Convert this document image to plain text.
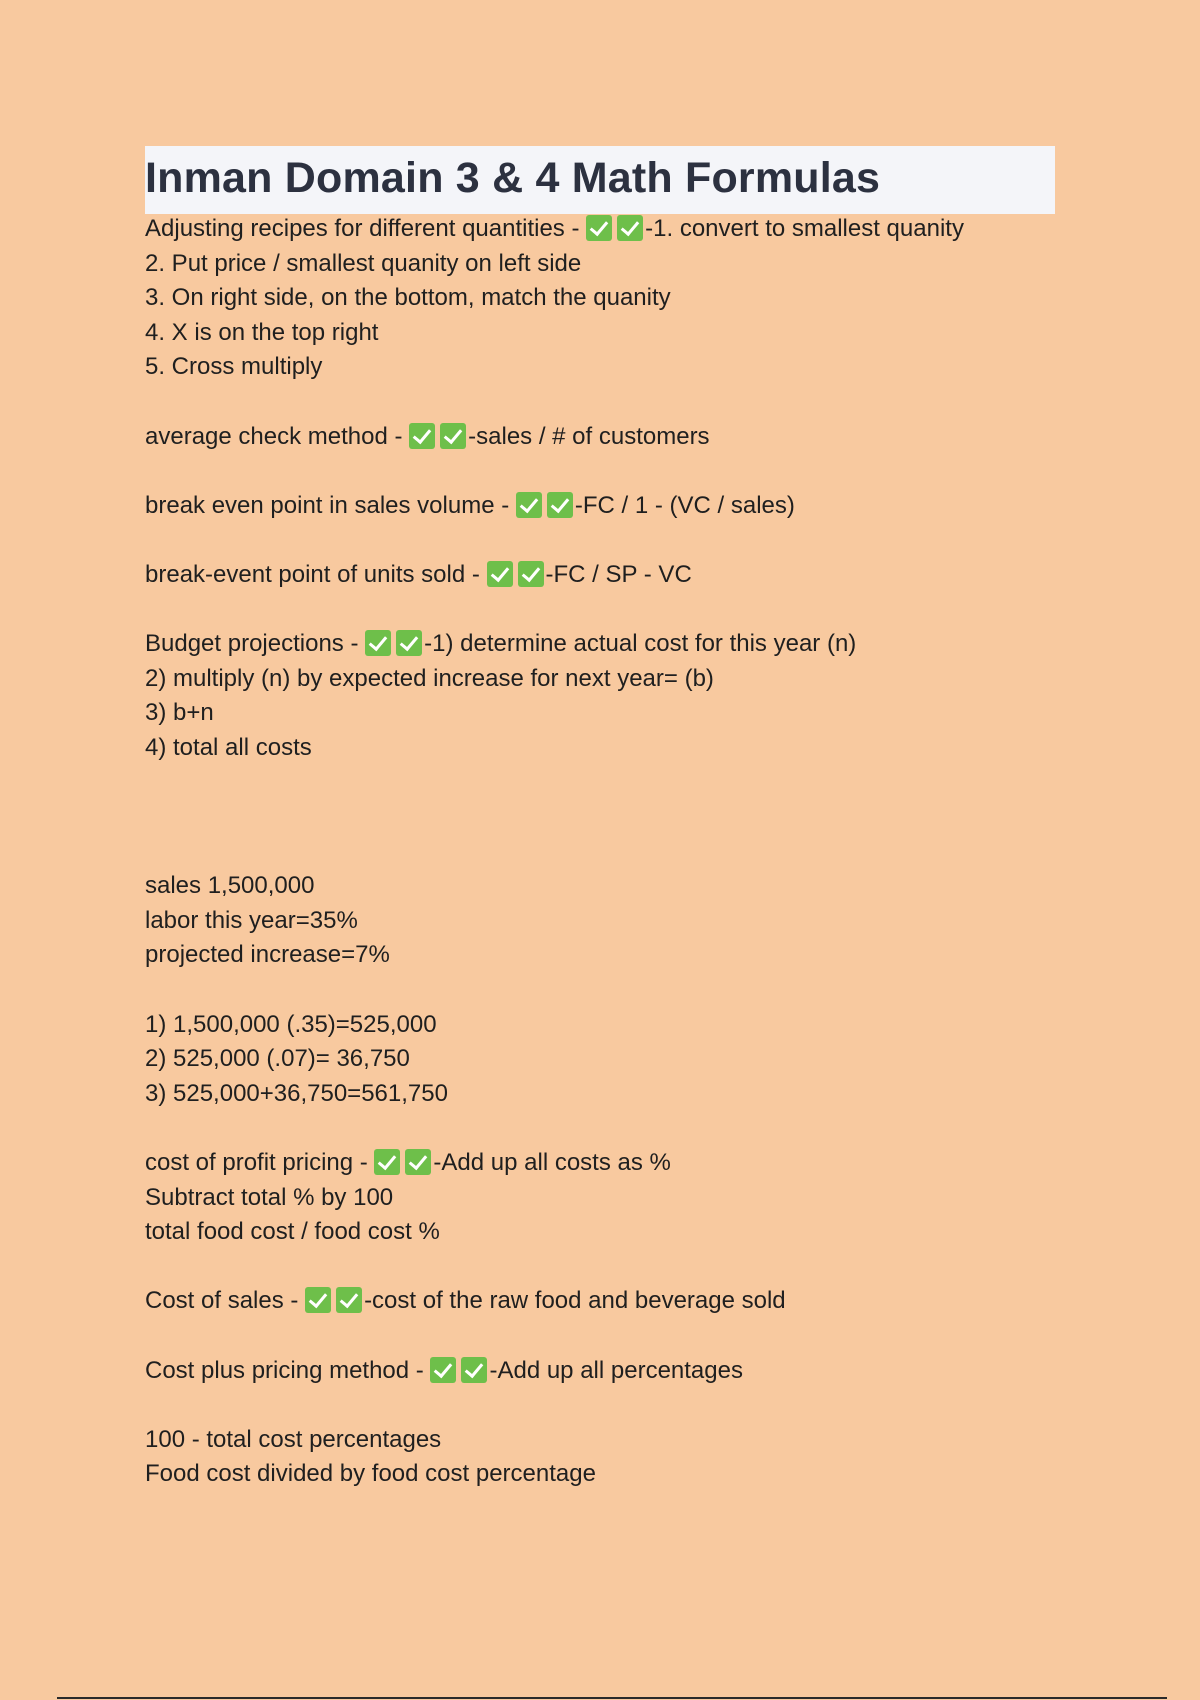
Inman Domain 3 & 4 Math Formulas
Adjusting recipes for different quantities - -1. convert to smallest quanity
2. Put price / smallest quanity on left side
3. On right side, on the bottom, match the quanity
4. X is on the top right
5. Cross multiply
average check method - -sales / # of customers
break even point in sales volume - -FC / 1 - (VC / sales)
break-event point of units sold - -FC / SP - VC
Budget projections - -1) determine actual cost for this year (n)
2) multiply (n) by expected increase for next year= (b)
3) b+n
4) total all costs
sales 1,500,000
labor this year=35%
projected increase=7%
1) 1,500,000 (.35)=525,000
2) 525,000 (.07)= 36,750
3) 525,000+36,750=561,750
cost of profit pricing - -Add up all costs as %
Subtract total % by 100
total food cost / food cost %
Cost of sales - -cost of the raw food and beverage sold
Cost plus pricing method - -Add up all percentages
100 - total cost percentages
Food cost divided by food cost percentage
